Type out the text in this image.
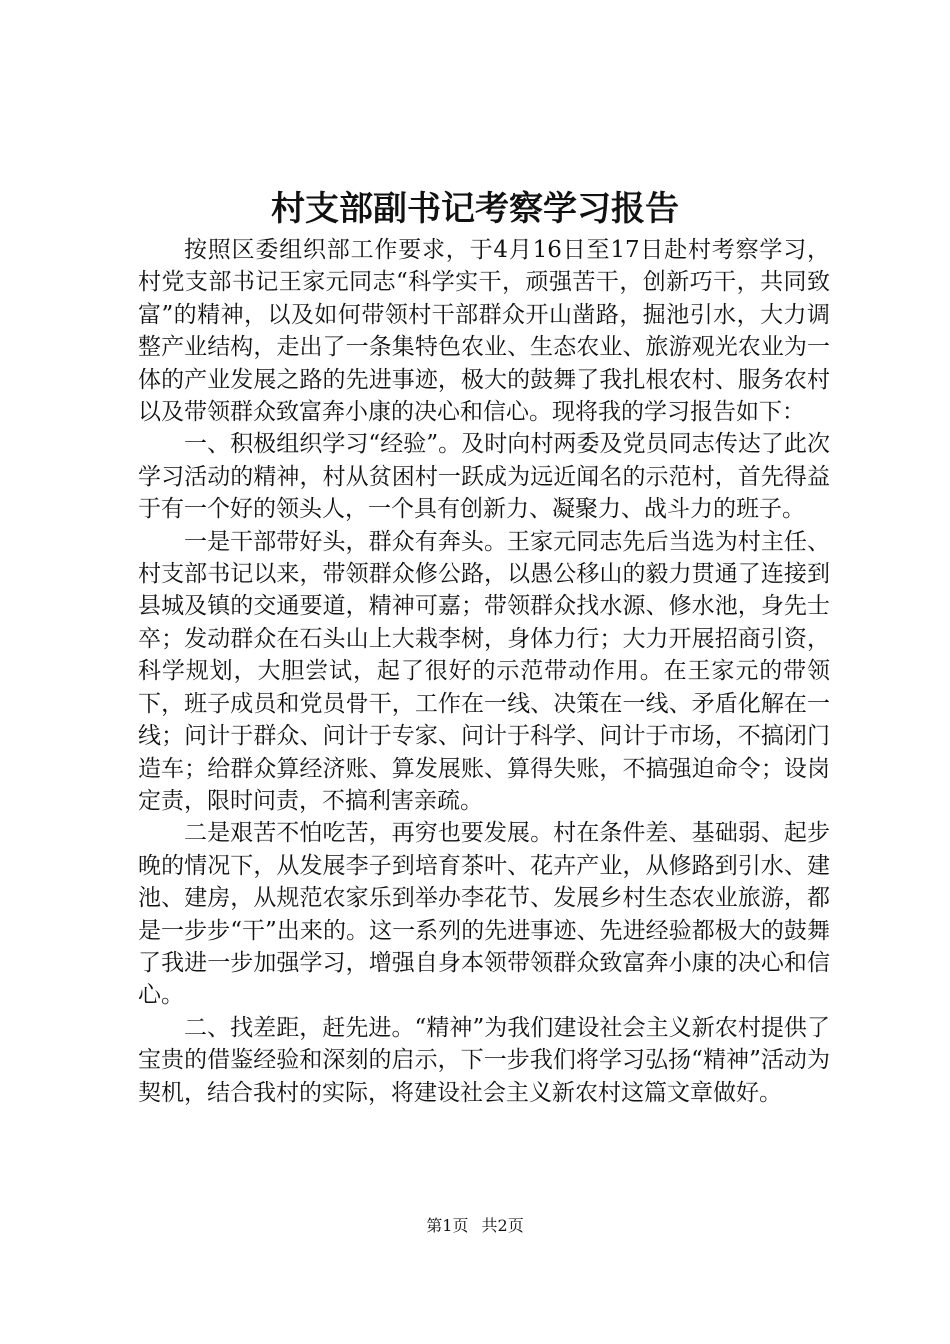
村支部副书记考察学习报告

按照区委组织部工作要求，于4月16日至17日赴村考察学习，村党支部书记王家元同志“科学实干，顽强苦干，创新巧干，共同致富”的精神，以及如何带领村干部群众开山凿路，掘池引水，大力调整产业结构，走出了一条集特色农业、生态农业、旅游观光农业为一体的产业发展之路的先进事迹，极大的鼓舞了我扎根农村、服务农村以及带领群众致富奔小康的决心和信心。现将我的学习报告如下：

一、积极组织学习“经验”。及时向村两委及党员同志传达了此次学习活动的精神，村从贫困村一跃成为远近闻名的示范村，首先得益于有一个好的领头人，一个具有创新力、凝聚力、战斗力的班子。

一是干部带好头，群众有奔头。王家元同志先后当选为村主任、村支部书记以来，带领群众修公路，以愚公移山的毅力贯通了连接到县城及镇的交通要道，精神可嘉；带领群众找水源、修水池，身先士卒；发动群众在石头山上大栽李树，身体力行；大力开展招商引资，科学规划，大胆尝试，起了很好的示范带动作用。在王家元的带领下，班子成员和党员骨干，工作在一线、决策在一线、矛盾化解在一线；问计于群众、问计于专家、问计于科学、问计于市场，不搞闭门造车；给群众算经济账、算发展账、算得失账，不搞强迫命令；设岗定责，限时问责，不搞利害亲疏。

二是艰苦不怕吃苦，再穷也要发展。村在条件差、基础弱、起步晚的情况下，从发展李子到培育茶叶、花卉产业，从修路到引水、建池、建房，从规范农家乐到举办李花节、发展乡村生态农业旅游，都是一步步“干”出来的。这一系列的先进事迹、先进经验都极大的鼓舞了我进一步加强学习，增强自身本领带领群众致富奔小康的决心和信心。

二、找差距，赶先进。“精神”为我们建设社会主义新农村提供了宝贵的借鉴经验和深刻的启示，下一步我们将学习弘扬“精神”活动为契机，结合我村的实际，将建设社会主义新农村这篇文章做好。

第1页 共2页
